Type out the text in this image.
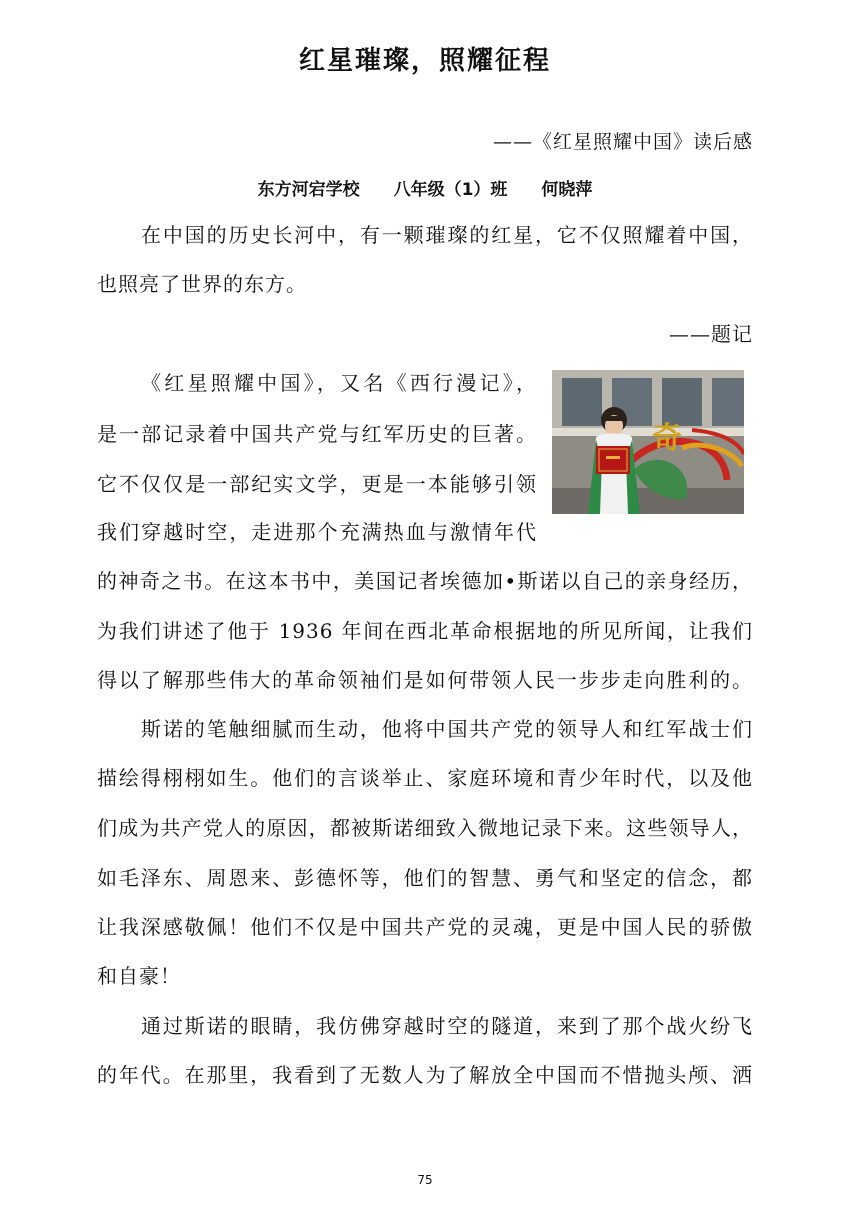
红星璀璨，照耀征程
——《红星照耀中国》读后感
东方河宕学校 八年级（1）班 何晓萍
在中国的历史长河中，有一颗璀璨的红星，它不仅照耀着中国，
也照亮了世界的东方。
——题记
《红星照耀中国》，又名《西行漫记》，
是一部记录着中国共产党与红军历史的巨著。
它不仅仅是一部纪实文学，更是一本能够引领
我们穿越时空，走进那个充满热血与激情年代
的神奇之书。在这本书中，美国记者埃德加•斯诺以自己的亲身经历，
为我们讲述了他于 1936 年间在西北革命根据地的所见所闻，让我们
得以了解那些伟大的革命领袖们是如何带领人民一步步走向胜利的。
斯诺的笔触细腻而生动，他将中国共产党的领导人和红军战士们
描绘得栩栩如生。他们的言谈举止、家庭环境和青少年时代，以及他
们成为共产党人的原因，都被斯诺细致入微地记录下来。这些领导人，
如毛泽东、周恩来、彭德怀等，他们的智慧、勇气和坚定的信念，都
让我深感敬佩！他们不仅是中国共产党的灵魂，更是中国人民的骄傲
和自豪！
通过斯诺的眼睛，我仿佛穿越时空的隧道，来到了那个战火纷飞
的年代。在那里，我看到了无数人为了解放全中国而不惜抛头颅、洒
奇
75
